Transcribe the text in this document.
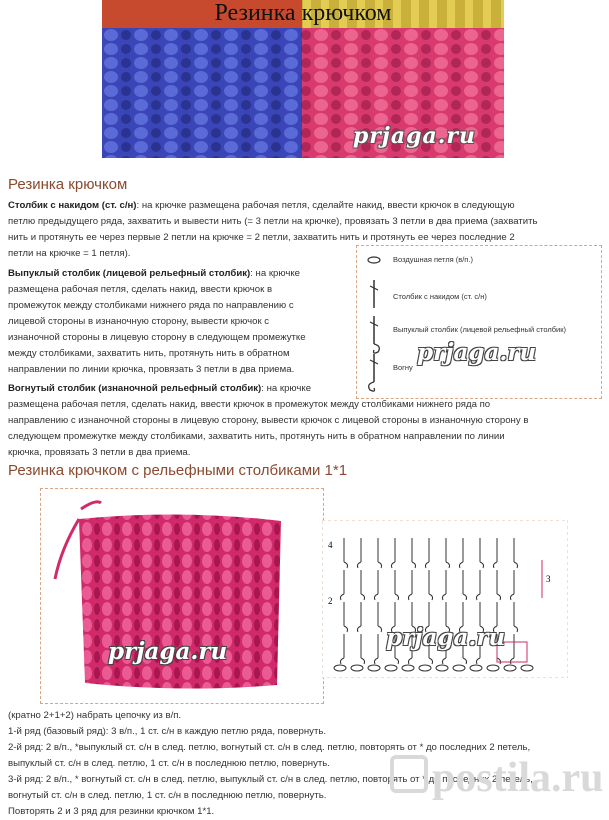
Резинка крючком
prjaga.ru
Резинка крючком
Столбик с накидом (ст. с/н): на крючке размещена рабочая петля, сделайте накид, ввести крючок в следующую
петлю предыдущего ряда, захватить и вывести нить (= 3 петли на крючке), провязать 3 петли в два приема (захватить
нить и протянуть ее через первые 2 петли на крючке = 2 петли, захватить нить и протянуть ее через последние 2
петли на крючке = 1 петля).
Выпуклый столбик (лицевой рельефный столбик): на крючке
размещена рабочая петля, сделать накид, ввести крючок в
промежуток между столбиками нижнего ряда по направлению с
лицевой стороны в изнаночную сторону, вывести крючок с
изнаночной стороны в лицевую сторону в следующем промежутке
между столбиками, захватить нить, протянуть нить в обратном
направлении по линии крючка, провязать 3 петли в два приема.
Воздушная петля (в/п.)
Столбик с накидом (ст. с/н)
Выпуклый столбик (лицевой рельефный столбик)
Вогну
prjaga.ru
Вогнутый столбик (изнаночной рельефный столбик): на крючке
размещена рабочая петля, сделать накид, ввести крючок в промежуток между столбиками нижнего ряда по
направлению с изнаночной стороны в лицевую сторону, вывести крючок с лицевой стороны в изнаночную сторону в
следующем промежутке между столбиками, захватить нить, протянуть нить в обратном направлении по линии
крючка, провязать 3 петли в два приема.
Резинка крючком с рельефными столбиками 1*1
prjaga.ru
4
3
2
prjaga.ru
(кратно 2+1+2) набрать цепочку из в/п.
1-й ряд (базовый ряд): 3 в/п., 1 ст. с/н в каждую петлю ряда, повернуть.
2-й ряд: 2 в/п., *выпуклый ст. с/н в след. петлю, вогнутый ст. с/н в след. петлю, повторять от * до последних 2 петель,
выпуклый ст. с/н в след. петлю, 1 ст. с/н в последнюю петлю, повернуть.
3-й ряд: 2 в/п., * вогнутый ст. с/н в след. петлю, выпуклый ст. с/н в след. петлю, повторять от * до последних 2 петель,
вогнутый ст. с/н в след. петлю, 1 ст. с/н в последнюю петлю, повернуть.
Повторять 2 и 3 ряд для резинки крючком 1*1.
postila.ru
